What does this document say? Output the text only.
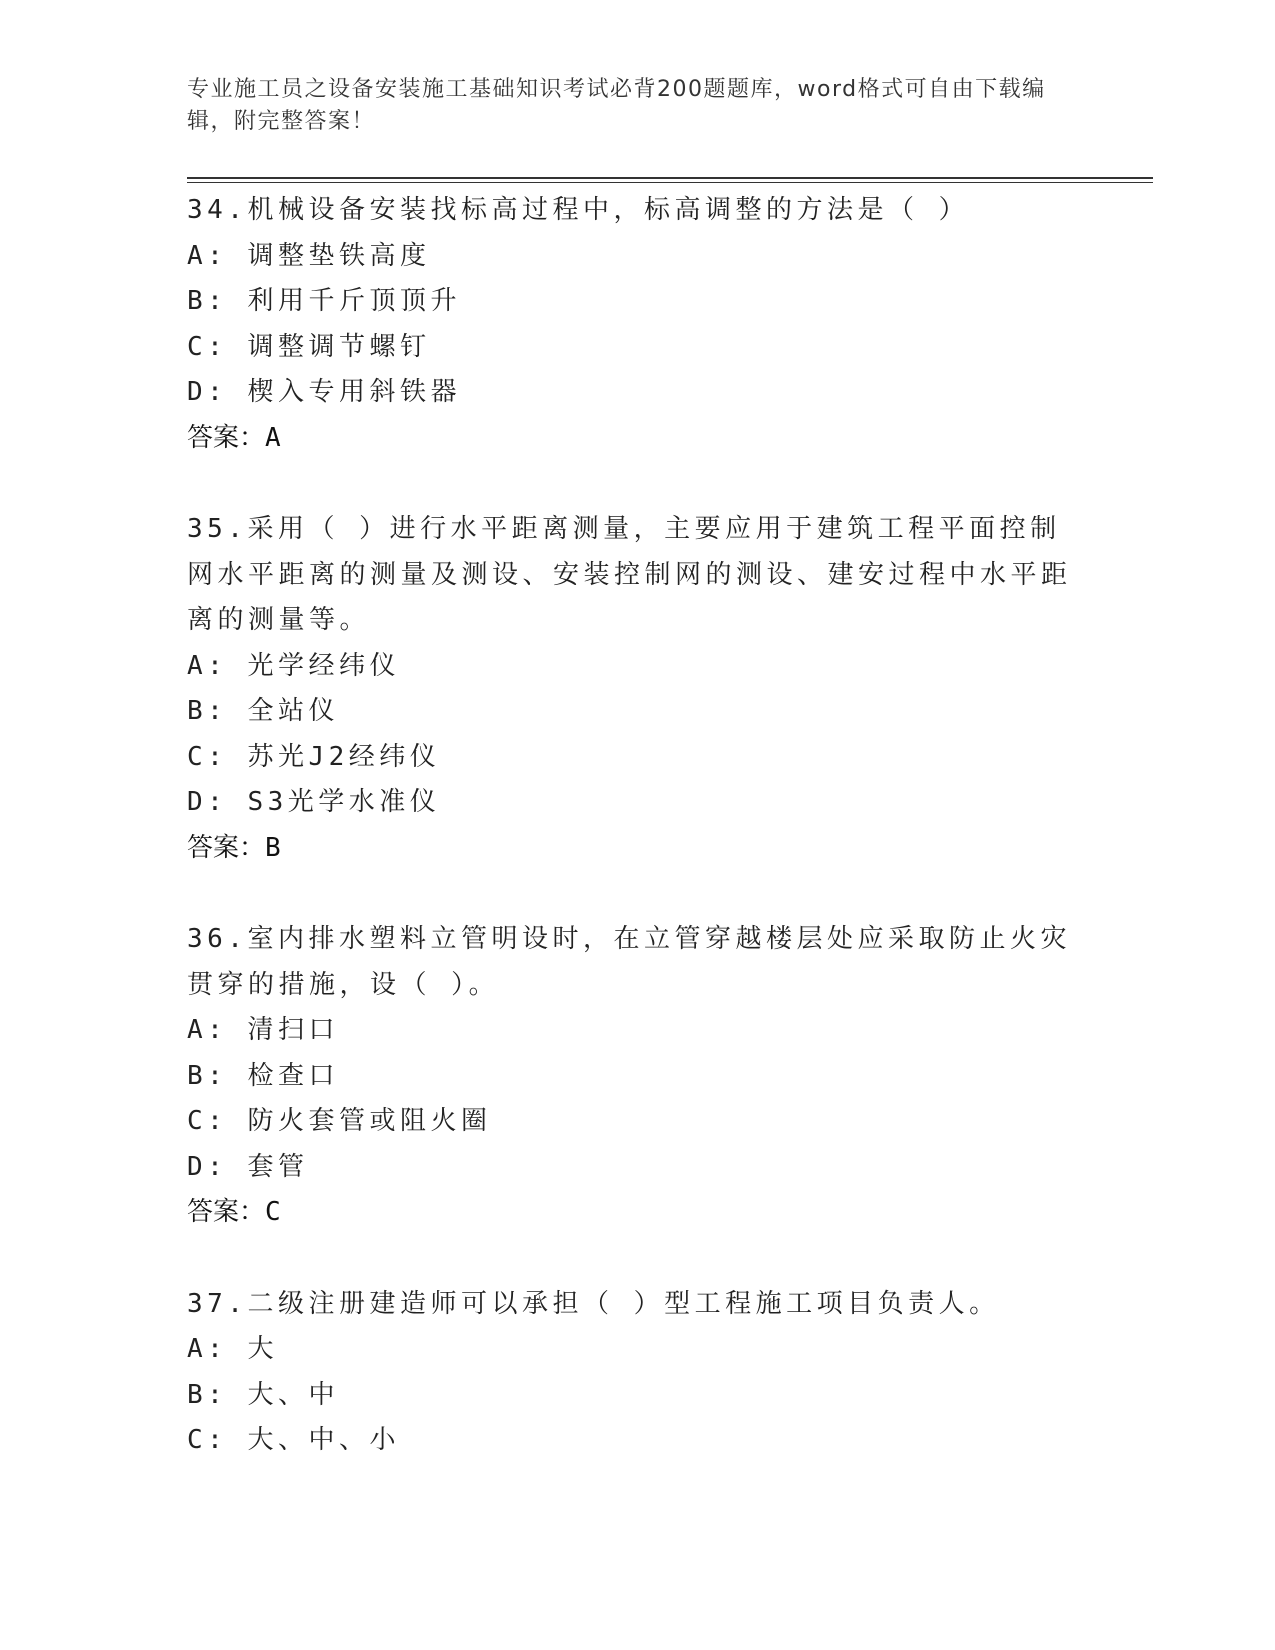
专业施工员之设备安装施工基础知识考试必背200题题库，word格式可自由下载编辑，附完整答案！
34.机械设备安装找标高过程中，标高调整的方法是（ ）
A: 调整垫铁高度
B: 利用千斤顶顶升
C: 调整调节螺钉
D: 楔入专用斜铁器
答案：A
35.采用（ ）进行水平距离测量，主要应用于建筑工程平面控制网水平距离的测量及测设、安装控制网的测设、建安过程中水平距离的测量等。
A: 光学经纬仪
B: 全站仪
C: 苏光J2经纬仪
D: S3光学水准仪
答案：B
36.室内排水塑料立管明设时，在立管穿越楼层处应采取防止火灾贯穿的措施，设（ ）。
A: 清扫口
B: 检查口
C: 防火套管或阻火圈
D: 套管
答案：C
37.二级注册建造师可以承担（ ）型工程施工项目负责人。
A: 大
B: 大、中
C: 大、中、小
